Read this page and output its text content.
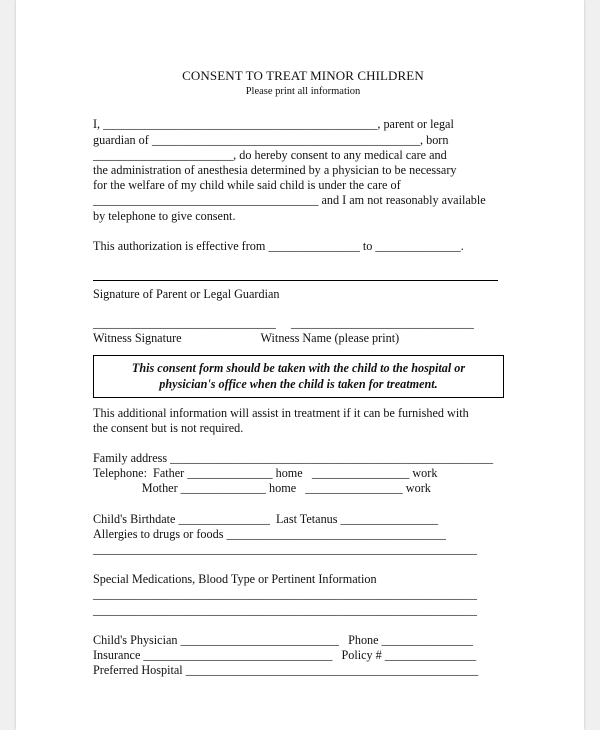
CONSENT TO TREAT MINOR CHILDREN
Please print all information
I, _____________________________________________, parent or legal
guardian of ____________________________________________, born
_______________________, do hereby consent to any medical care and
the administration of anesthesia determined by a physician to be necessary
for the welfare of my child while said child is under the care of
_____________________________________ and I am not reasonably available
by telephone to give consent.
This authorization is effective from _______________ to ______________.
Signature of Parent or Legal Guardian
______________________________     ______________________________
Witness Signature                          Witness Name (please print)
This consent form should be taken with the child to the hospital or
physician's office when the child is taken for treatment.
This additional information will assist in treatment if it can be furnished with
the consent but is not required.
Family address _____________________________________________________
Telephone:  Father ______________ home   ________________ work
Mother ______________ home   ________________ work
Child's Birthdate _______________  Last Tetanus ________________
Allergies to drugs or foods ____________________________________
_______________________________________________________________
Special Medications, Blood Type or Pertinent Information
_______________________________________________________________
_______________________________________________________________
Child's Physician __________________________   Phone _______________
Insurance _______________________________   Policy # _______________
Preferred Hospital ________________________________________________
